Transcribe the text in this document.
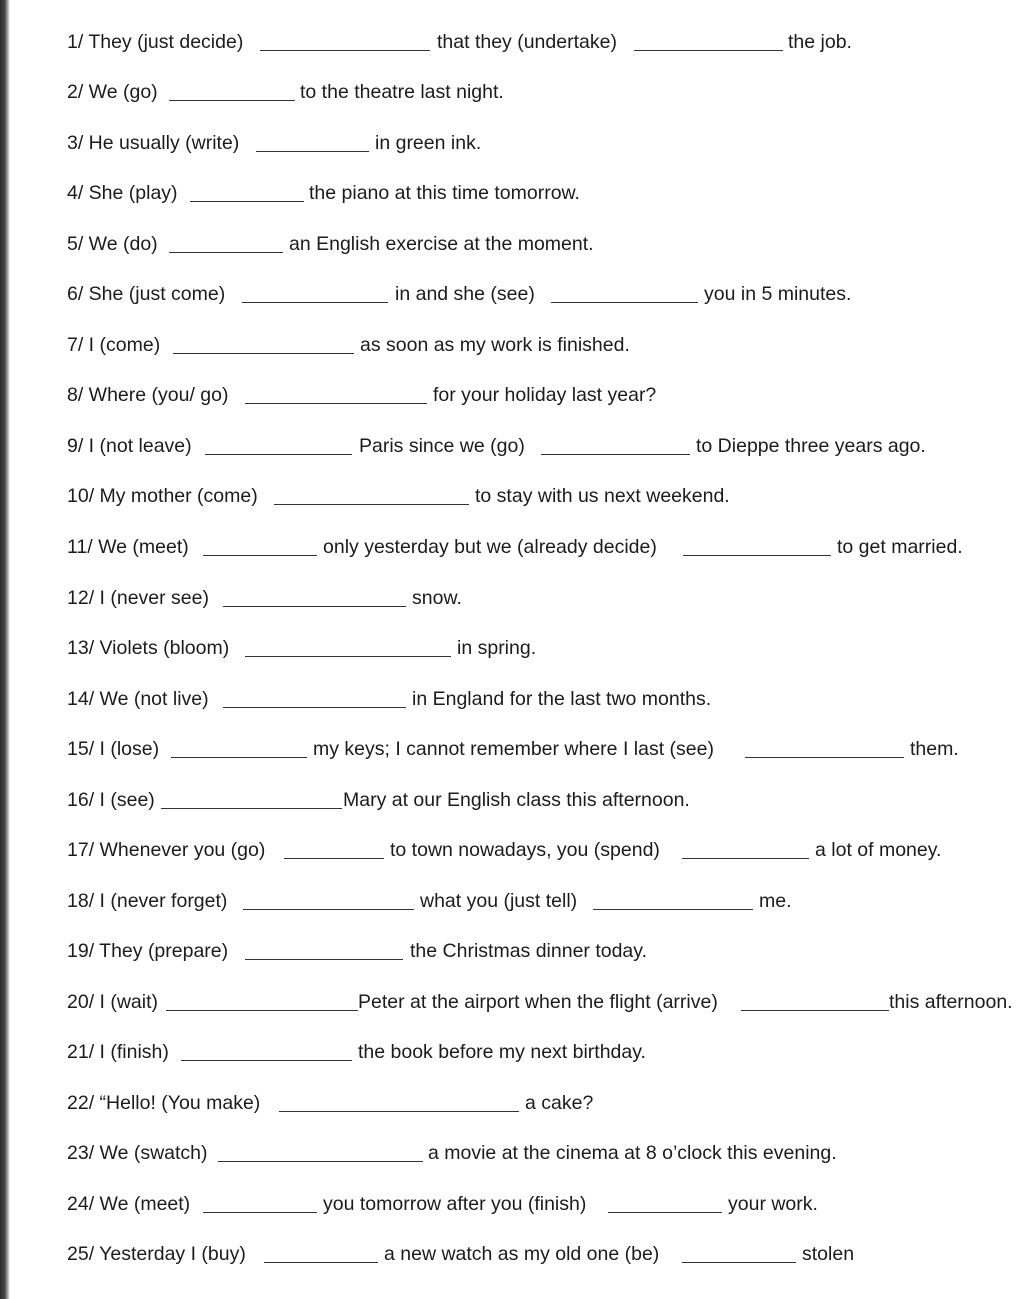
1/ They (just decide)	that they (undertake)	the job.
2/ We (go)	to the theatre last night.
3/ He usually (write)	in green ink.
4/ She (play)	the piano at this time tomorrow.
5/ We (do)	an English exercise at the moment.
6/ She (just come)	in and she (see)	you in 5 minutes.
7/ I (come)	as soon as my work is finished.
8/ Where (you/ go)	for your holiday last year?
9/ I (not leave)	Paris since we (go)	to Dieppe three years ago.
10/ My mother (come)	to stay with us next weekend.
11/ We (meet)	only yesterday but we (already decide)	to get married.
12/ I (never see)	snow.
13/ Violets (bloom)	in spring.
14/ We (not live)	in England for the last two months.
15/ I (lose)	my keys; I cannot remember where I last (see)	them.
16/ I (see)	Mary at our English class this afternoon.
17/ Whenever you (go)	to town nowadays, you (spend)	a lot of money.
18/ I (never forget)	what you (just tell)	me.
19/ They (prepare)	the Christmas dinner today.
20/ I (wait)	Peter at the airport when the flight (arrive)	this afternoon.
21/ I (finish)	the book before my next birthday.
22/ “Hello! (You make)	a cake?
23/ We (swatch)	a movie at the cinema at 8 o’clock this evening.
24/ We (meet)	you tomorrow after you (finish)	your work.
25/ Yesterday I (buy)	a new watch as my old one (be)	stolen
